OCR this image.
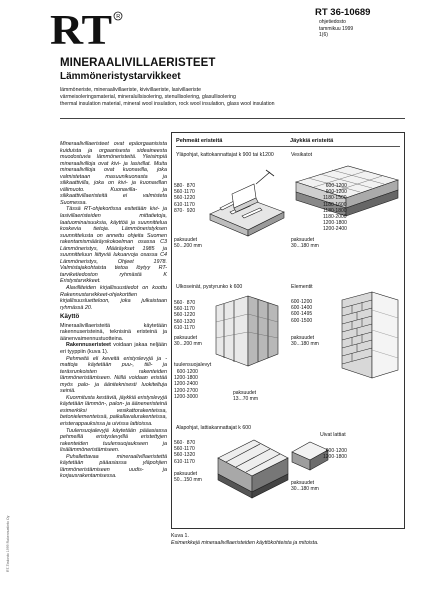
RT R	RT 36-10689
ohjetiedosto
tammikuu 1999
1(6)
MINERAALIVILLAERISTEET
Lämmöneristystarvikkeet
lämmöneriste, mineraalivillaeriste, kivivillaeriste, lasivillaeriste
värmeisoleringsmaterial, mineralullsisolering, stenullisolering, glasullisolering
thermal insulation material, mineral wool insulation, rock wool insulation, glass wool insulation

Mineraalivillaeristeet ovat epäorgaanisista kuiduista ja orgaanisesta sideaineesta muodostuvia lämmöneristeitä. Yleisimpiä mineraalivilloja ovat kivi- ja lasivillat. Muita mineraalivilloja ovat kuonavilla, joka valmistetaan masuunikuonasta ja silikaattivilla, joka on kivi- ja kuonavillan välimuoto. Kuonavilla- ja silikaattivillaeristeitä ei valmisteta Suomessa.

Tässä RT-ohjekortissa esitetään kivi- ja lasivillaeristeiden mittatietoja, laatuominaisuuksia, käyttöä ja suunnittelua koskevia tietoja. Lämmöneristyksen suunnittelusta on annettu ohjeita Suomen rakentamismääräyskokoelman osassa C3 Lämmöneristys, Määräykset 1985 ja suunnitteluun liittyviä lukuarvoja osassa C4 Lämmöneristys, Ohjeet 1978. Valmistajakohtaista tietoa löytyy RT-tarviketiedoston ryhmästä K Eristystarvikkeet.

Alavilliteiden kirjallisuustiedot on koottu Rakennustarvikkeet-ohjekorttien kirjallisuusluetteloon, joka julkaistaan ryhmässä 20.

Käyttö

Mineraalivillaeristeitä käytetään rakennuseristeinä, teknisinä eristeinä ja äänenvaimennustuotteina.

Rakennuseristeet voidaan jakaa neljään eri tyyppiin (kuva 1).

Pehmeitä eli keveitä eristyslevyjä ja -mattoja käytetään puu-, tiili- ja teräsrunkoisten rakenteiden lämmöneristämiseen. Niillä voidaan eristää myös palo- ja ääniteknisesti luokiteltuja seiniä.

Kuormitusta kestäviä, jäykkiä eristyslevyjä käytetään lämmön-, palon- ja ääneneristeinä esimerkiksi vesikattorakenteissa, betonielementeissä, paikallavalurakenteissa, eristerappauksissa ja uivissa lattioissa.

Tuulensuojalevyjä käytetään pääasiassa pehmeillä eristyslevyillä eristettyjen rakenteiden tuulensuojaukseen ja lisälämmöneristämiseen.

Puhallettavaa mineraalivillaeristettä käytetään pääasiassa yläpohjien lämmöneristämiseen uudis- ja korjausrakentamisessa.

Pehmeät eristeitä	Jäykkiä eristeitä
Yläpohjat, kattokannattajat k 900 tai k1200
580·  870
560·1170
560·1220
610·1170
870·  920
paksuudet
50...200 mm
Vesikatot
600·1200
900·1200
1180·1500
1180·1600
1180·1800
1180·2000
1200·1800
1200·2400
paksuudet
30...180 mm
Ulkoseinät, pystyrunko k 600
560·  870
560·1170
560·1220
560·1320
610·1170
paksuudet
30...200 mm
tuulensuojalevyt
600·1200
1200·1800
1200·2400
1200·2700
1200·3000
paksuudet
13...70 mm
Elementit
600·1200
600·1400
600·1495
600·1500
paksuudet
30...180 mm
Alapohjat, lattiakannattajat k 600
560·  870
560·1170
560·1320
610·1170
paksuudet
50...150 mm
Uivat lattiat
600·1200
1200·1800
paksuudet
30...180 mm
Kuva 1.
Esimerkkejä mineraalivillaeristeiden käyttökohteista ja mitoista.
RT-Tiedosto 1999 Rakennustieto Oy
